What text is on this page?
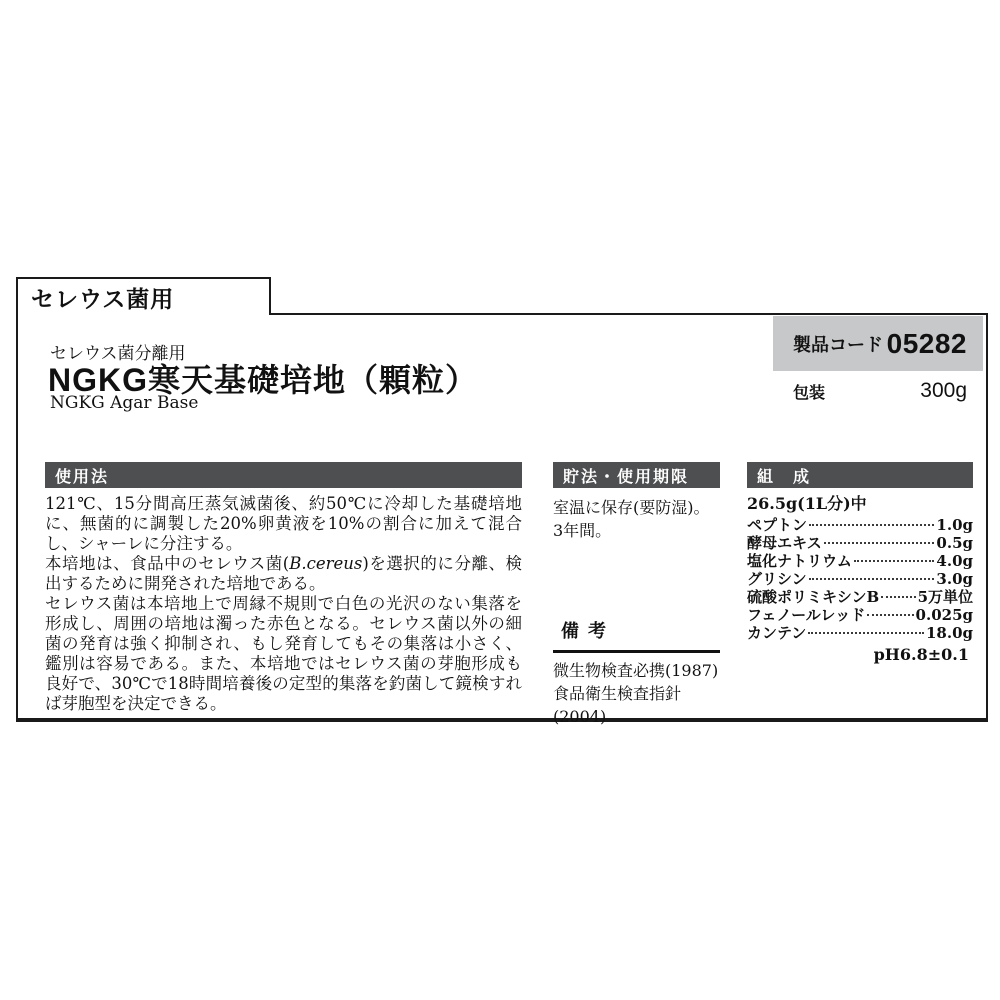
セレウス菌用
セレウス菌分離用
NGKG寒天基礎培地（顆粒）
NGKG Agar Base
製品コード 05282
包装	300g
使用法

121℃、15分間高圧蒸気滅菌後、約50℃に冷却した基礎培地に、無菌的に調製した20%卵黄液を10%の割合に加えて混合し、シャーレに分注する。

本培地は、食品中のセレウス菌(B.cereus)を選択的に分離、検出するために開発された培地である。

セレウス菌は本培地上で周縁不規則で白色の光沢のない集落を形成し、周囲の培地は濁った赤色となる。セレウス菌以外の細菌の発育は強く抑制され、もし発育してもその集落は小さく、鑑別は容易である。また、本培地ではセレウス菌の芽胞形成も良好で、30℃で18時間培養後の定型的集落を釣菌して鏡検すれば芽胞型を決定できる。

貯法・使用期限
室温に保存(要防湿)。
3年間。
備 考
微生物検査必携(1987)
食品衛生検査指針(2004)
組　成
26.5g(1L分)中
ペプトン	1.0g
酵母エキス	0.5g
塩化ナトリウム	4.0g
グリシン	3.0g
硫酸ポリミキシンB	5万単位
フェノールレッド	0.025g
カンテン	18.0g
pH6.8±0.1
